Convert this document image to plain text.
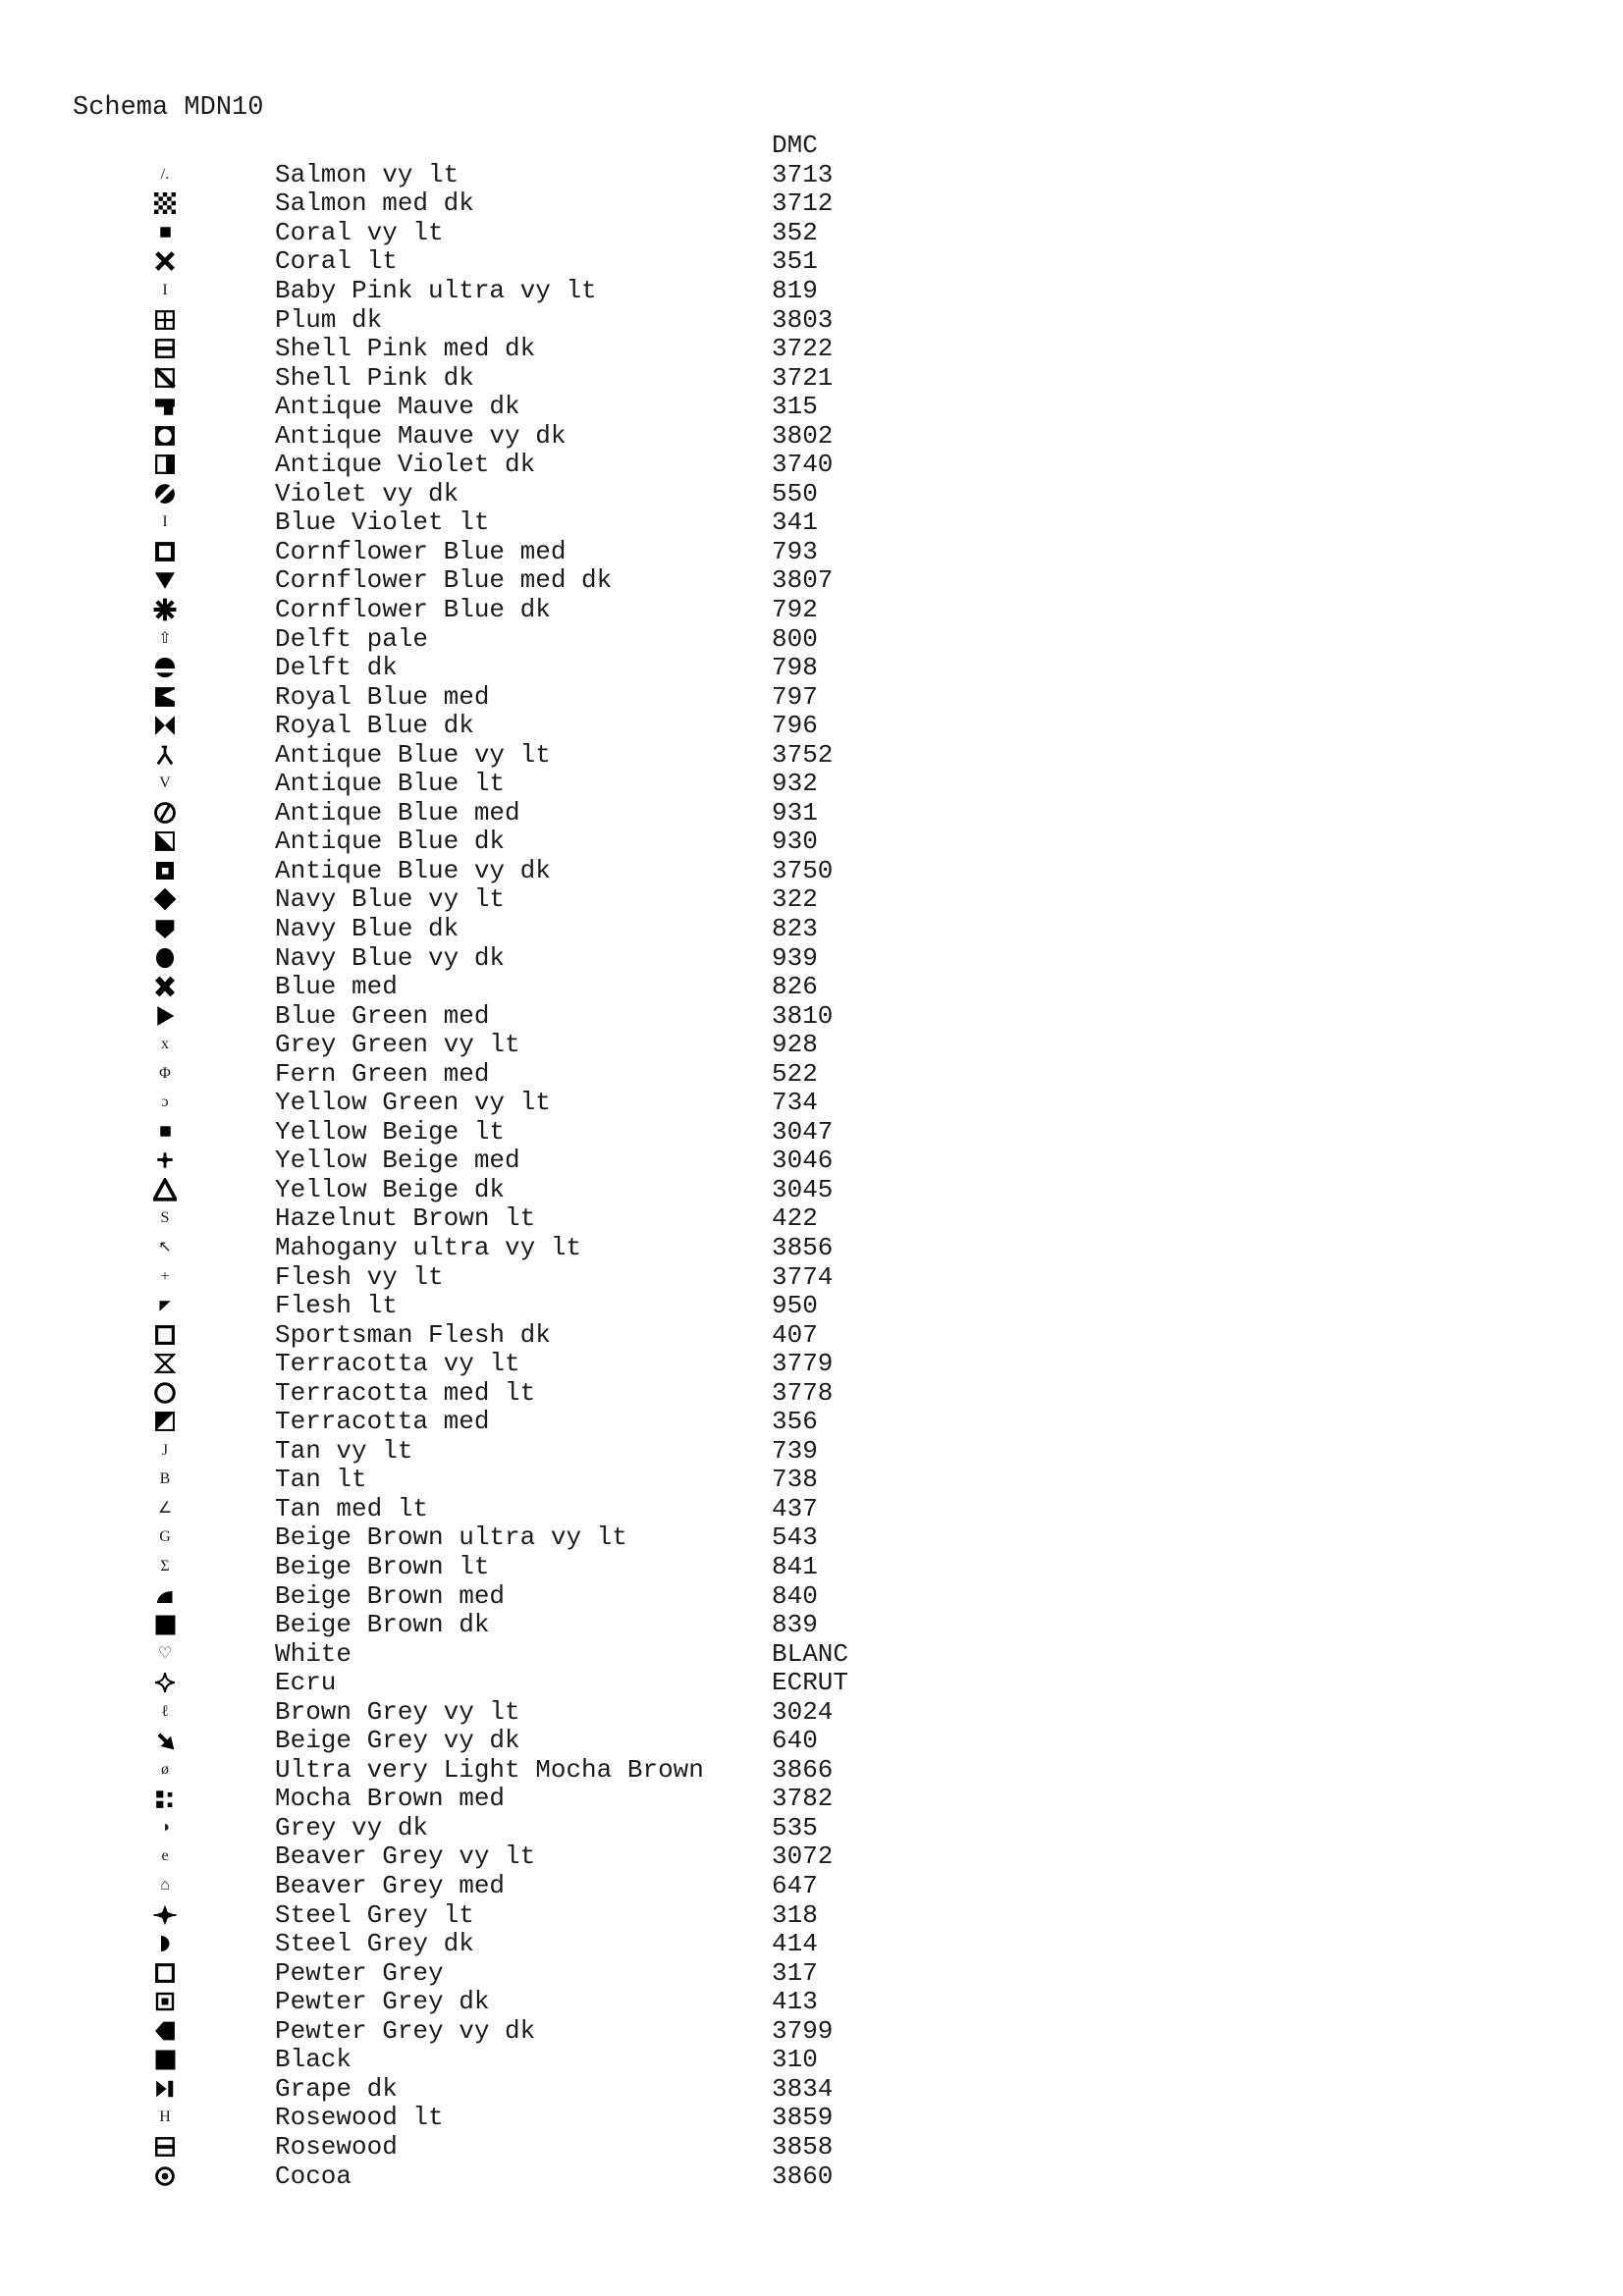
Schema MDN10
DMC
/.	Salmon vy lt	3713
Salmon med dk	3712
Coral vy lt	352
Coral lt	351
I	Baby Pink ultra vy lt	819
Plum dk	3803
Shell Pink med dk	3722
Shell Pink dk	3721
Antique Mauve dk	315
Antique Mauve vy dk	3802
Antique Violet dk	3740
Violet vy dk	550
I	Blue Violet lt	341
Cornflower Blue med	793
Cornflower Blue med dk	3807
Cornflower Blue dk	792
⇧	Delft pale	800
Delft dk	798
Royal Blue med	797
Royal Blue dk	796
Antique Blue vy lt	3752
V	Antique Blue lt	932
Antique Blue med	931
Antique Blue dk	930
Antique Blue vy dk	3750
Navy Blue vy lt	322
Navy Blue dk	823
Navy Blue vy dk	939
Blue med	826
Blue Green med	3810
x	Grey Green vy lt	928
Φ	Fern Green med	522
ɔ	Yellow Green vy lt	734
Yellow Beige lt	3047
Yellow Beige med	3046
Yellow Beige dk	3045
S	Hazelnut Brown lt	422
↖	Mahogany ultra vy lt	3856
+	Flesh vy lt	3774
Flesh lt	950
Sportsman Flesh dk	407
Terracotta vy lt	3779
Terracotta med lt	3778
Terracotta med	356
J	Tan vy lt	739
B	Tan lt	738
∠	Tan med lt	437
G	Beige Brown ultra vy lt	543
Σ	Beige Brown lt	841
Beige Brown med	840
Beige Brown dk	839
♡	White	BLANC
Ecru	ECRUT
ℓ	Brown Grey vy lt	3024
Beige Grey vy dk	640
ø	Ultra very Light Mocha Brown	3866
Mocha Brown med	3782
◑	Grey vy dk	535
e	Beaver Grey vy lt	3072
⌂	Beaver Grey med	647
Steel Grey lt	318
Steel Grey dk	414
Pewter Grey	317
Pewter Grey dk	413
Pewter Grey vy dk	3799
Black	310
Grape dk	3834
H	Rosewood lt	3859
Rosewood	3858
Cocoa	3860
